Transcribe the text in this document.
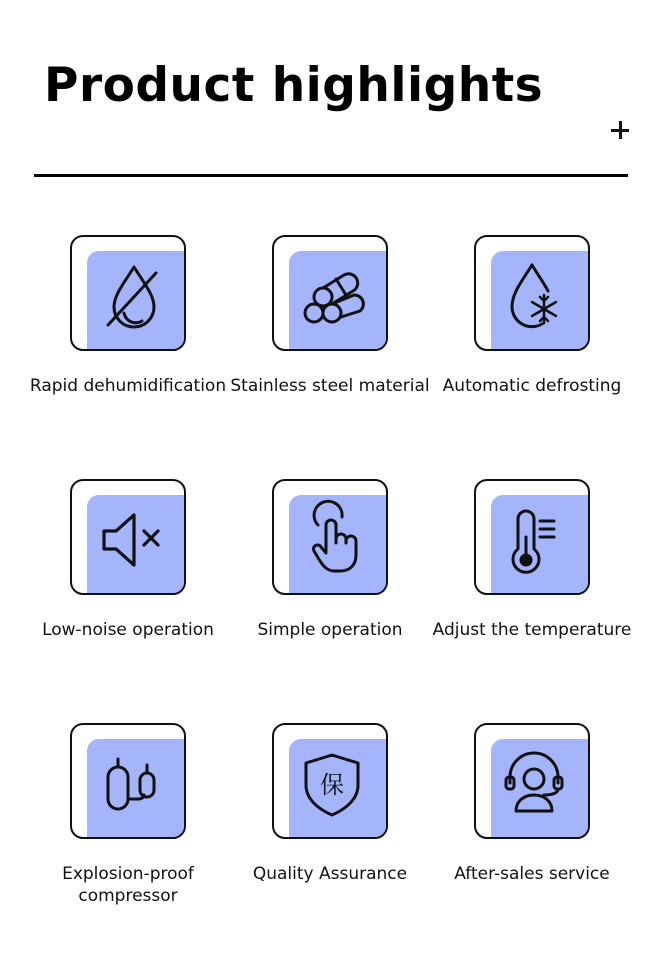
Product highlights
Rapid dehumidification Stainless steel material Automatic defrosting
Low-noise operation	Simple operation	Adjust the temperature
Explosion-proof compressor
保
Quality Assurance	After-sales service
